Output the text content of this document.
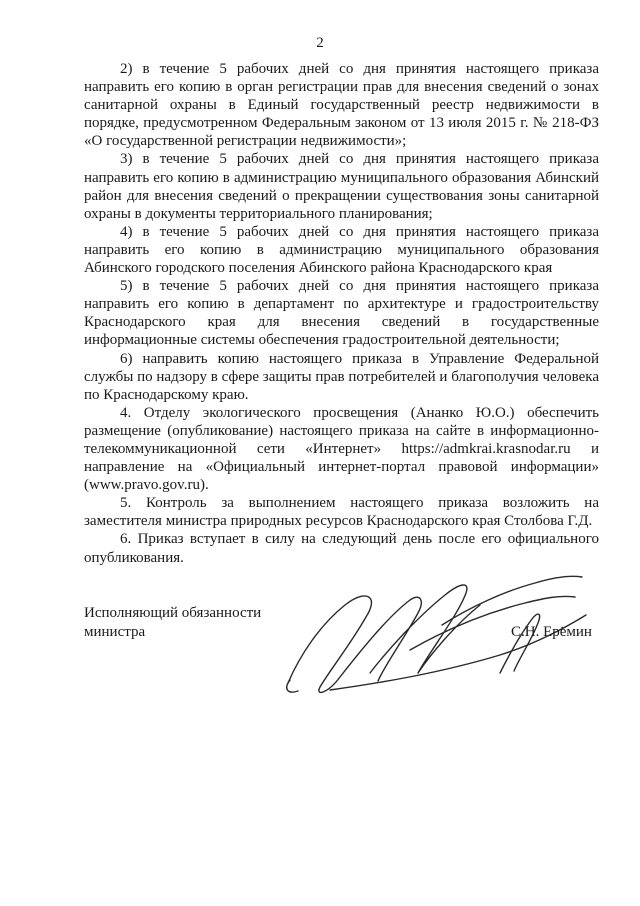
2

2) в течение 5 рабочих дней со дня принятия настоящего приказа направить его копию в орган регистрации прав для внесения сведений о зонах санитарной охраны в Единый государственный реестр недвижимости в порядке, предусмотренном Федеральным законом от 13 июля 2015 г. № 218-ФЗ «О государственной регистрации недвижимости»;

3) в течение 5 рабочих дней со дня принятия настоящего приказа направить его копию в администрацию муниципального образования Абинский район для внесения сведений о прекращении существования зоны санитарной охраны в документы территориального планирования;

4) в течение 5 рабочих дней со дня принятия настоящего приказа направить его копию в администрацию муниципального образования Абинского городского поселения Абинского района Краснодарского края

5) в течение 5 рабочих дней со дня принятия настоящего приказа направить его копию в департамент по архитектуре и градостроительству Краснодарского края для внесения сведений в государственные информационные системы обеспечения градостроительной деятельности;

6) направить копию настоящего приказа в Управление Федеральной службы по надзору в сфере защиты прав потребителей и благополучия человека по Краснодарскому краю.

4. Отделу экологического просвещения (Ананко Ю.О.) обеспечить размещение (опубликование) настоящего приказа на сайте в информационно-телекоммуникационной сети «Интернет» https://admkrai.krasnodar.ru и направление на «Официальный интернет-портал правовой информации» (www.pravo.gov.ru).

5. Контроль за выполнением настоящего приказа возложить на заместителя министра природных ресурсов Краснодарского края Столбова Г.Д.

6. Приказ вступает в силу на следующий день после его официального опубликования.

Исполняющий обязанности
министра	С.Н. Ерёмин
